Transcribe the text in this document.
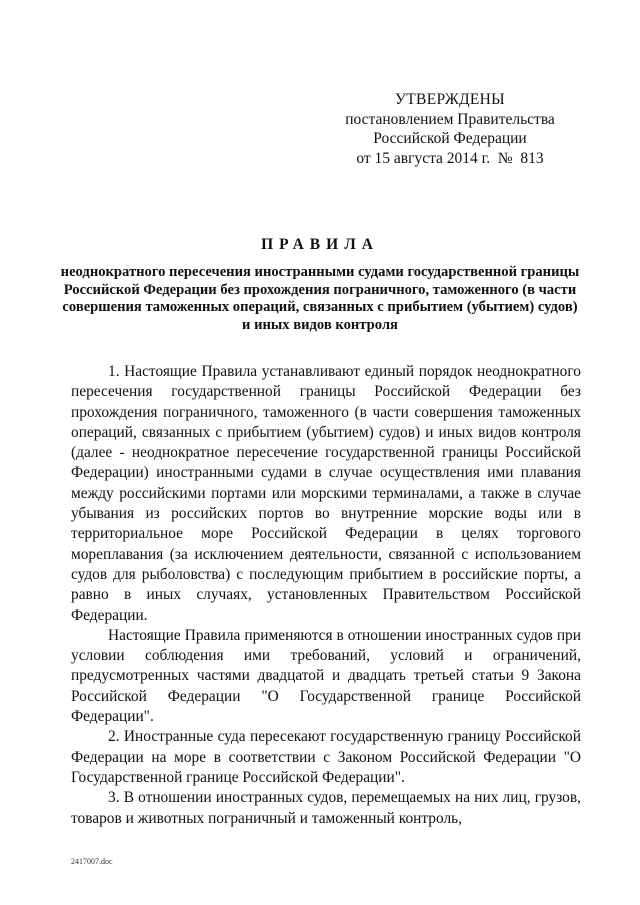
УТВЕРЖДЕНЫ
постановлением Правительства
Российской Федерации
от 15 августа 2014 г.  №  813
ПРАВИЛА
неоднократного пересечения иностранными судами государственной границы Российской Федерации без прохождения пограничного, таможенного (в части совершения таможенных операций, связанных с прибытием (убытием) судов) и иных видов контроля

1. Настоящие Правила устанавливают единый порядок неоднократного пересечения государственной границы Российской Федерации без прохождения пограничного, таможенного (в части совершения таможенных операций, связанных с прибытием (убытием) судов) и иных видов контроля (далее - неоднократное пересечение государственной границы Российской Федерации) иностранными судами в случае осуществления ими плавания между российскими портами или морскими терминалами, а также в случае убывания из российских портов во внутренние морские воды или в территориальное море Российской Федерации в целях торгового мореплавания (за исключением деятельности, связанной с использованием судов для рыболовства) с последующим прибытием в российские порты, а равно в иных случаях, установленных Правительством Российской Федерации.

Настоящие Правила применяются в отношении иностранных судов при условии соблюдения ими требований, условий и ограничений, предусмотренных частями двадцатой и двадцать третьей статьи 9 Закона Российской Федерации "О Государственной границе Российской Федерации".

2. Иностранные суда пересекают государственную границу Российской Федерации на море в соответствии с Законом Российской Федерации "О Государственной границе Российской Федерации".

3. В отношении иностранных судов, перемещаемых на них лиц, грузов, товаров и животных пограничный и таможенный контроль,

2417007.doc
